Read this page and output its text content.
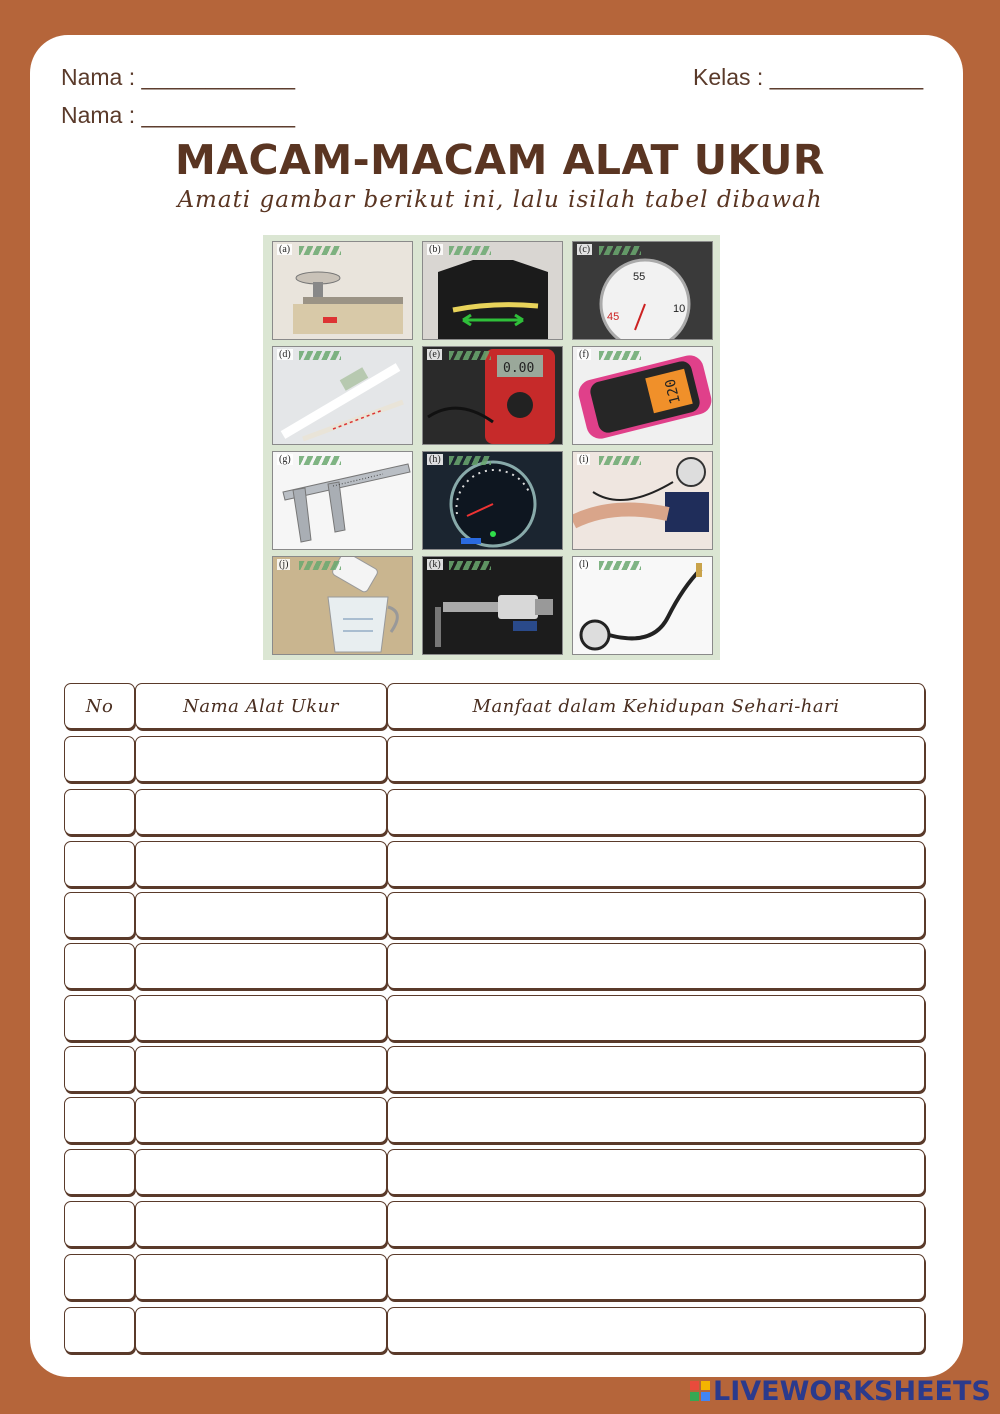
Nama : ____________
Nama : ____________
Kelas : ____________
MACAM-MACAM ALAT UKUR
Amati gambar berikut ini, lalu isilah tabel dibawah
(a)	(b)
55
10
45
(c)
(d)
0.00
(e)
120
(f)
(g)	(h)	(i)
(j)	(k)	(l)
No	Nama Alat Ukur	Manfaat dalam Kehidupan Sehari-hari
LIVEWORKSHEETS
